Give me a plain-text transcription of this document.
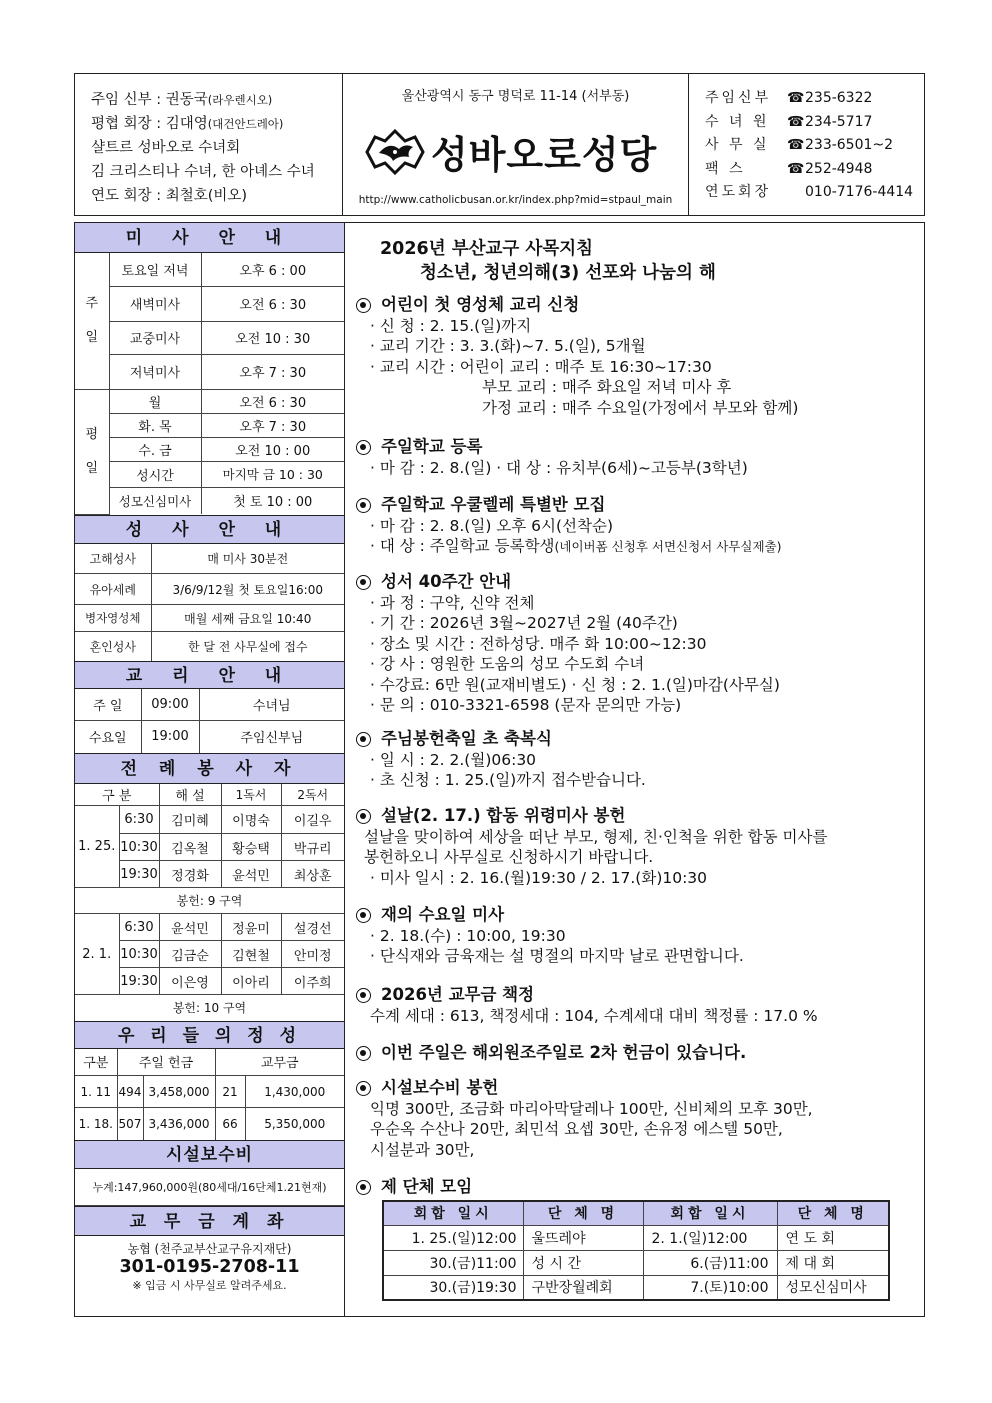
주임 신부 : 권동국(라우렌시오)
평협 회장 : 김대영(대건안드레아)
샬트르 성바오로 수녀회
김 크리스티나 수녀, 한 아녜스 수녀
연도 회장 : 최철호(비오)
울산광역시 동구 명덕로 11-14 (서부동)
성바오로성당
http://www.catholicbusan.or.kr/index.php?mid=stpaul_main
주임신부	☎ 235-6322
수 녀 원	☎ 234-5717
사 무 실	☎ 233-6501~2
팩 스	☎ 252-4948
연도회장	010-7176-4414
미 사 안 내
주

일	토요일 저녁	오후 6 : 00
	새벽미사	오전 6 : 30
	교중미사	오전 10 : 30
	저녁미사	오후 7 : 30
평

일	월	오전 6 : 30
	화. 목	오후 7 : 30
	수. 금	오전 10 : 00
	성시간	마지막 금 10 : 30
	성모신심미사	첫 토 10 : 00
성 사 안 내
고해성사	매 미사 30분전
유아세례	3/6/9/12월 첫 토요일16:00
병자영성체	매월 세째 금요일 10:40
혼인성사	한 달 전 사무실에 접수
교 리 안 내
주 일	09:00	수녀님
수요일	19:00	주임신부님
전 례 봉 사 자
구 분		해 설	1독서	2독서
1. 25.	6:30	김미혜	이명숙	이길우
	10:30	김옥철	황승택	박규리
	19:30	정경화	윤석민	최상훈
봉헌: 9 구역				
2. 1.	6:30	윤석민	정윤미	설경선
	10:30	김금순	김현철	안미정
	19:30	이은영	이아리	이주희
봉헌: 10 구역				
우 리 들 의 정 성
구분	주일 헌금		교무금	
1. 11	494	3,458,000	21	1,430,000
1. 18.	507	3,436,000	66	5,350,000
시설보수비
누계:147,960,000원(80세대/16단체1.21현재)
교 무 금 계 좌
농협 (천주교부산교구유지재단)
301-0195-2708-11
※ 입금 시 사무실로 알려주세요.
2026년 부산교구 사목지침
청소년, 청년의해(3) 선포와 나눔의 해
어린이 첫 영성체 교리 신청
· 신 청 : 2. 15.(일)까지
· 교리 기간 : 3. 3.(화)~7. 5.(일), 5개월
· 교리 시간 : 어린이 교리 : 매주 토 16:30~17:30
부모 교리 : 매주 화요일 저녁 미사 후
가정 교리 : 매주 수요일(가정에서 부모와 함께)
주일학교 등록
· 마 감 : 2. 8.(일) · 대 상 : 유치부(6세)~고등부(3학년)
주일학교 우쿨렐레 특별반 모집
· 마 감 : 2. 8.(일) 오후 6시(선착순)
· 대 상 : 주일학교 등록학생(네이버폼 신청후 서면신청서 사무실제출)
성서 40주간 안내
· 과 정 : 구약, 신약 전체
· 기 간 : 2026년 3월~2027년 2월 (40주간)
· 장소 및 시간 : 전하성당. 매주 화 10:00~12:30
· 강 사 : 영원한 도움의 성모 수도회 수녀
· 수강료: 6만 원(교재비별도) · 신 청 : 2. 1.(일)마감(사무실)
· 문 의 : 010-3321-6598 (문자 문의만 가능)
주님봉헌축일 초 축복식
· 일 시 : 2. 2.(월)06:30
· 초 신청 : 1. 25.(일)까지 접수받습니다.
설날(2. 17.) 합동 위령미사 봉헌
설날을 맞이하여 세상을 떠난 부모, 형제, 친·인척을 위한 합동 미사를
봉헌하오니 사무실로 신청하시기 바랍니다.
· 미사 일시 : 2. 16.(월)19:30 / 2. 17.(화)10:30
재의 수요일 미사
· 2. 18.(수) : 10:00, 19:30
· 단식재와 금육재는 설 명절의 마지막 날로 관면합니다.
2026년 교무금 책정
수계 세대 : 613, 책정세대 : 104, 수계세대 대비 책정률 : 17.0 %
이번 주일은 해외원조주일로 2차 헌금이 있습니다.
시설보수비 봉헌
익명 300만, 조금화 마리아막달레나 100만, 신비체의 모후 30만,
우순옥 수산나 20만, 최민석 요셉 30만, 손유정 에스텔 50만,
시설분과 30만,
제 단체 모임
회합 일시	단 체 명	회합 일시	단 체 명
1. 25.(일)12:00	울뜨레야	2. 1.(일)12:00	연 도 회
30.(금)11:00	성 시 간	6.(금)11:00	제 대 회
30.(금)19:30	구반장월례회	7.(토)10:00	성모신심미사
